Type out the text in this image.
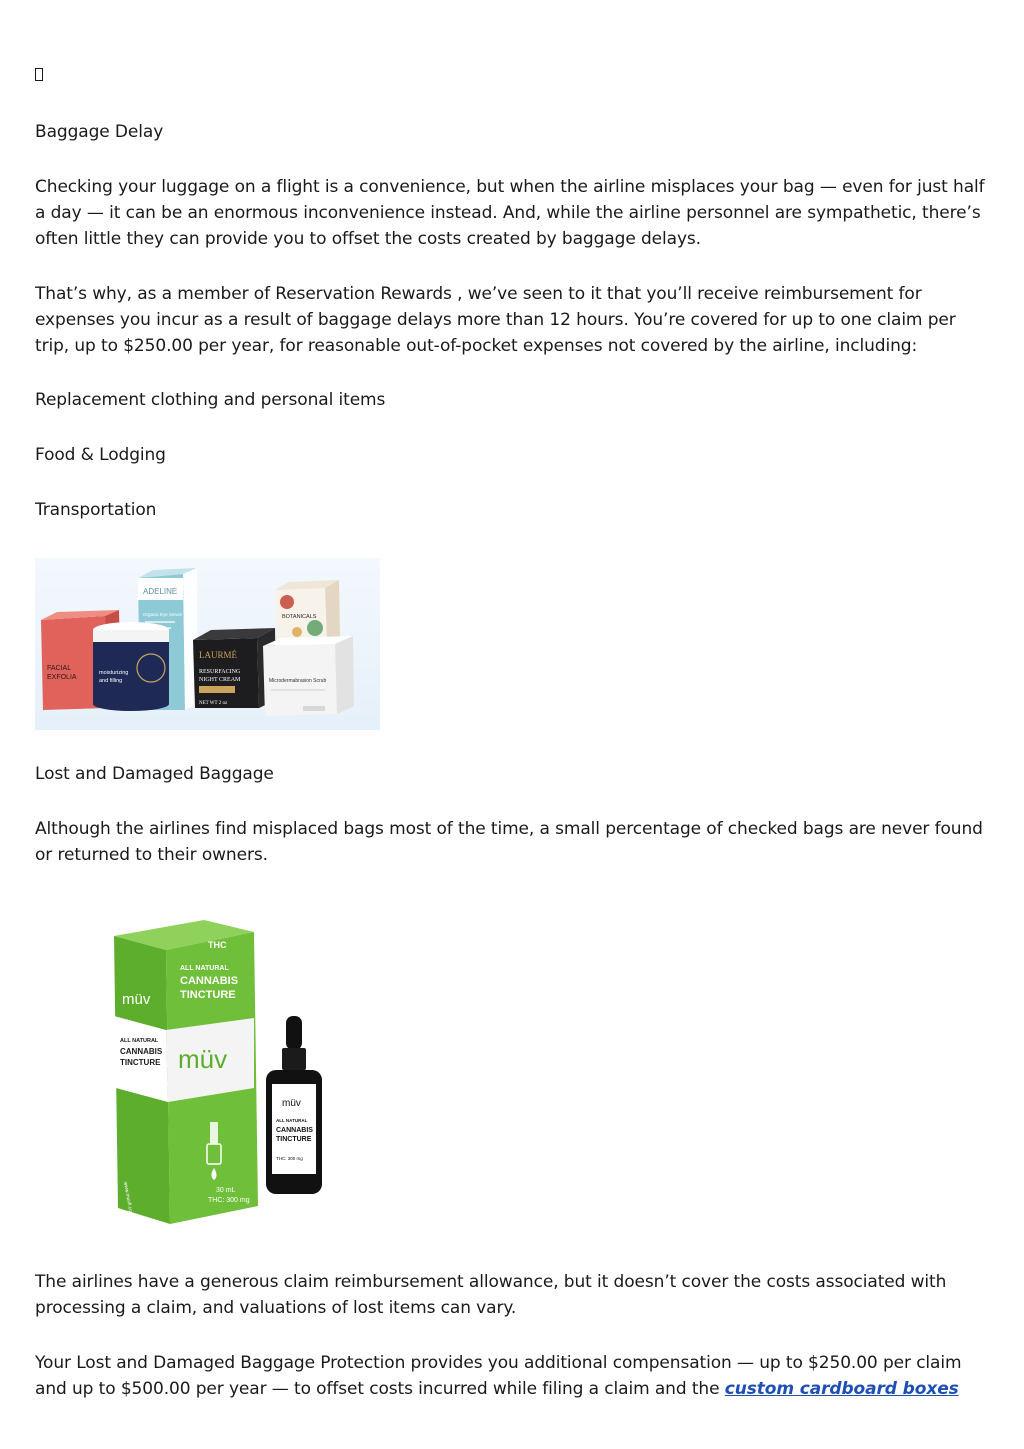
Baggage Delay

Checking your luggage on a flight is a convenience, but when the airline misplaces your bag — even for just half a day — it can be an enormous inconvenience instead. And, while the airline personnel are sympathetic, there’s often little they can provide you to offset the costs created by baggage delays.

That’s why, as a member of Reservation Rewards , we’ve seen to it that you’ll receive reimbursement for expenses you incur as a result of baggage delays more than 12 hours. You’re covered for up to one claim per trip, up to $250.00 per year, for reasonable out-of-pocket expenses not covered by the airline, including:

Replacement clothing and personal items

Food & Lodging

Transportation

FACIAL
EXFOLIA
ADELINE
Organic Eye Serum
moisturizing
and filling
LAURMÉ
RESURFACING
NIGHT CREAM
NET WT 2 oz
BOTANICALS
Microdermabrasion Scrub

Lost and Damaged Baggage

Although the airlines find misplaced bags most of the time, a small percentage of checked bags are never found or returned to their owners.

THC
ALL NATURAL
CANNABIS
TINCTURE
müv
müv
ALL NATURAL
CANNABIS
TINCTURE
30 mL
THC: 300 mg
www.muvfl.com
müv
ALL NATURAL
CANNABIS
TINCTURE
THC: 300 mg

The airlines have a generous claim reimbursement allowance, but it doesn’t cover the costs associated with processing a claim, and valuations of lost items can vary.

Your Lost and Damaged Baggage Protection provides you additional compensation — up to $250.00 per claim and up to $500.00 per year — to offset costs incurred while filing a claim and the custom cardboard boxes
